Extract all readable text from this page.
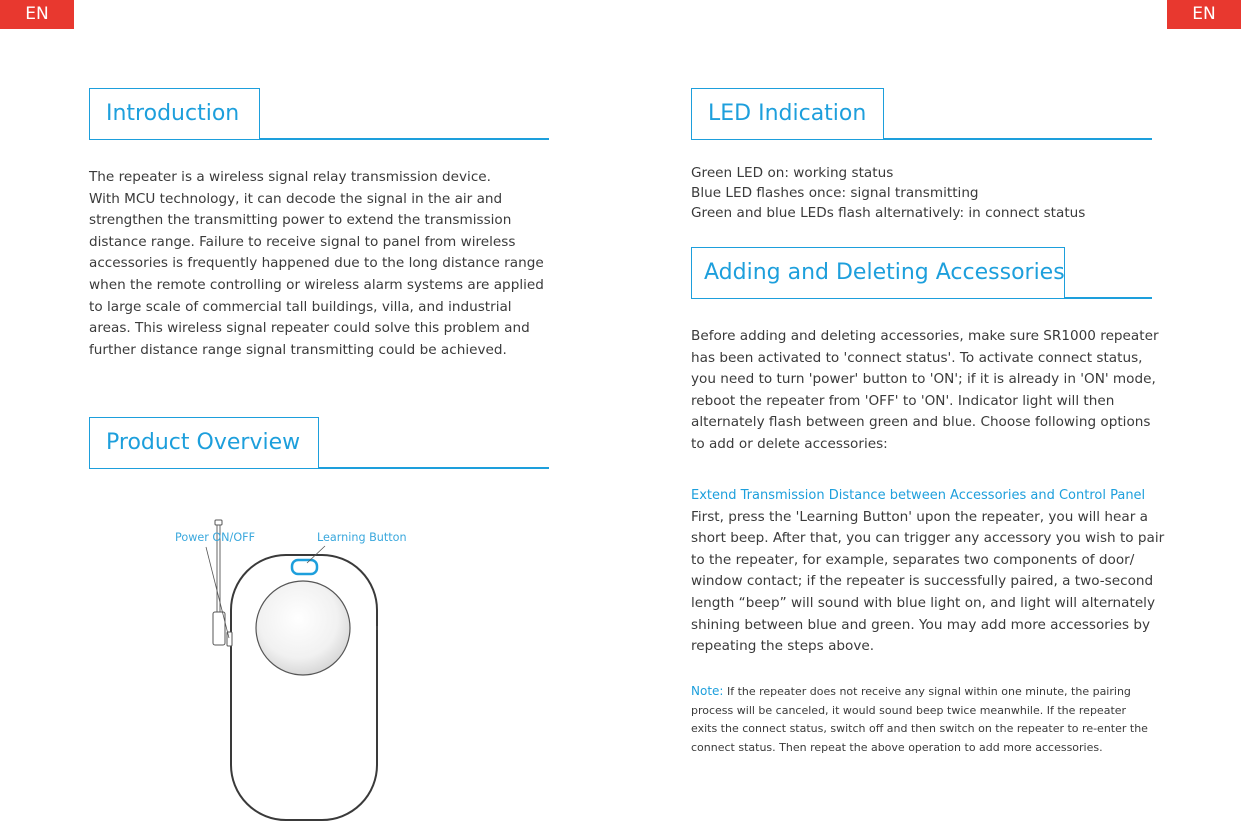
EN	EN
Introduction

The repeater is a wireless signal relay transmission device.

With MCU technology, it can decode the signal in the air and

strengthen the transmitting power to extend the transmission

distance range. Failure to receive signal to panel from wireless

accessories is frequently happened due to the long distance range

when the remote controlling or wireless alarm systems are applied

to large scale of commercial tall buildings, villa, and industrial

areas. This wireless signal repeater could solve this problem and

further distance range signal transmitting could be achieved.

Product Overview
Power ON/OFF	Learning Button
LED Indication

Green LED on: working status

Blue LED flashes once: signal transmitting

Green and blue LEDs flash alternatively: in connect status

Adding and Deleting Accessories

Before adding and deleting accessories, make sure SR1000 repeater

has been activated to 'connect status'. To activate connect status,

you need to turn 'power' button to 'ON'; if it is already in 'ON' mode,

reboot the repeater from 'OFF' to 'ON'. Indicator light will then

alternately flash between green and blue. Choose following options

to add or delete accessories:

Extend Transmission Distance between Accessories and Control Panel

First, press the 'Learning Button' upon the repeater, you will hear a

short beep. After that, you can trigger any accessory you wish to pair

to the repeater, for example, separates two components of door/

window contact; if the repeater is successfully paired, a two-second

length “beep” will sound with blue light on, and light will alternately

shining between blue and green. You may add more accessories by

repeating the steps above.

Note: If the repeater does not receive any signal within one minute, the pairing

process will be canceled, it would sound beep twice meanwhile. If the repeater

exits the connect status, switch off and then switch on the repeater to re-enter the

connect status. Then repeat the above operation to add more accessories.
